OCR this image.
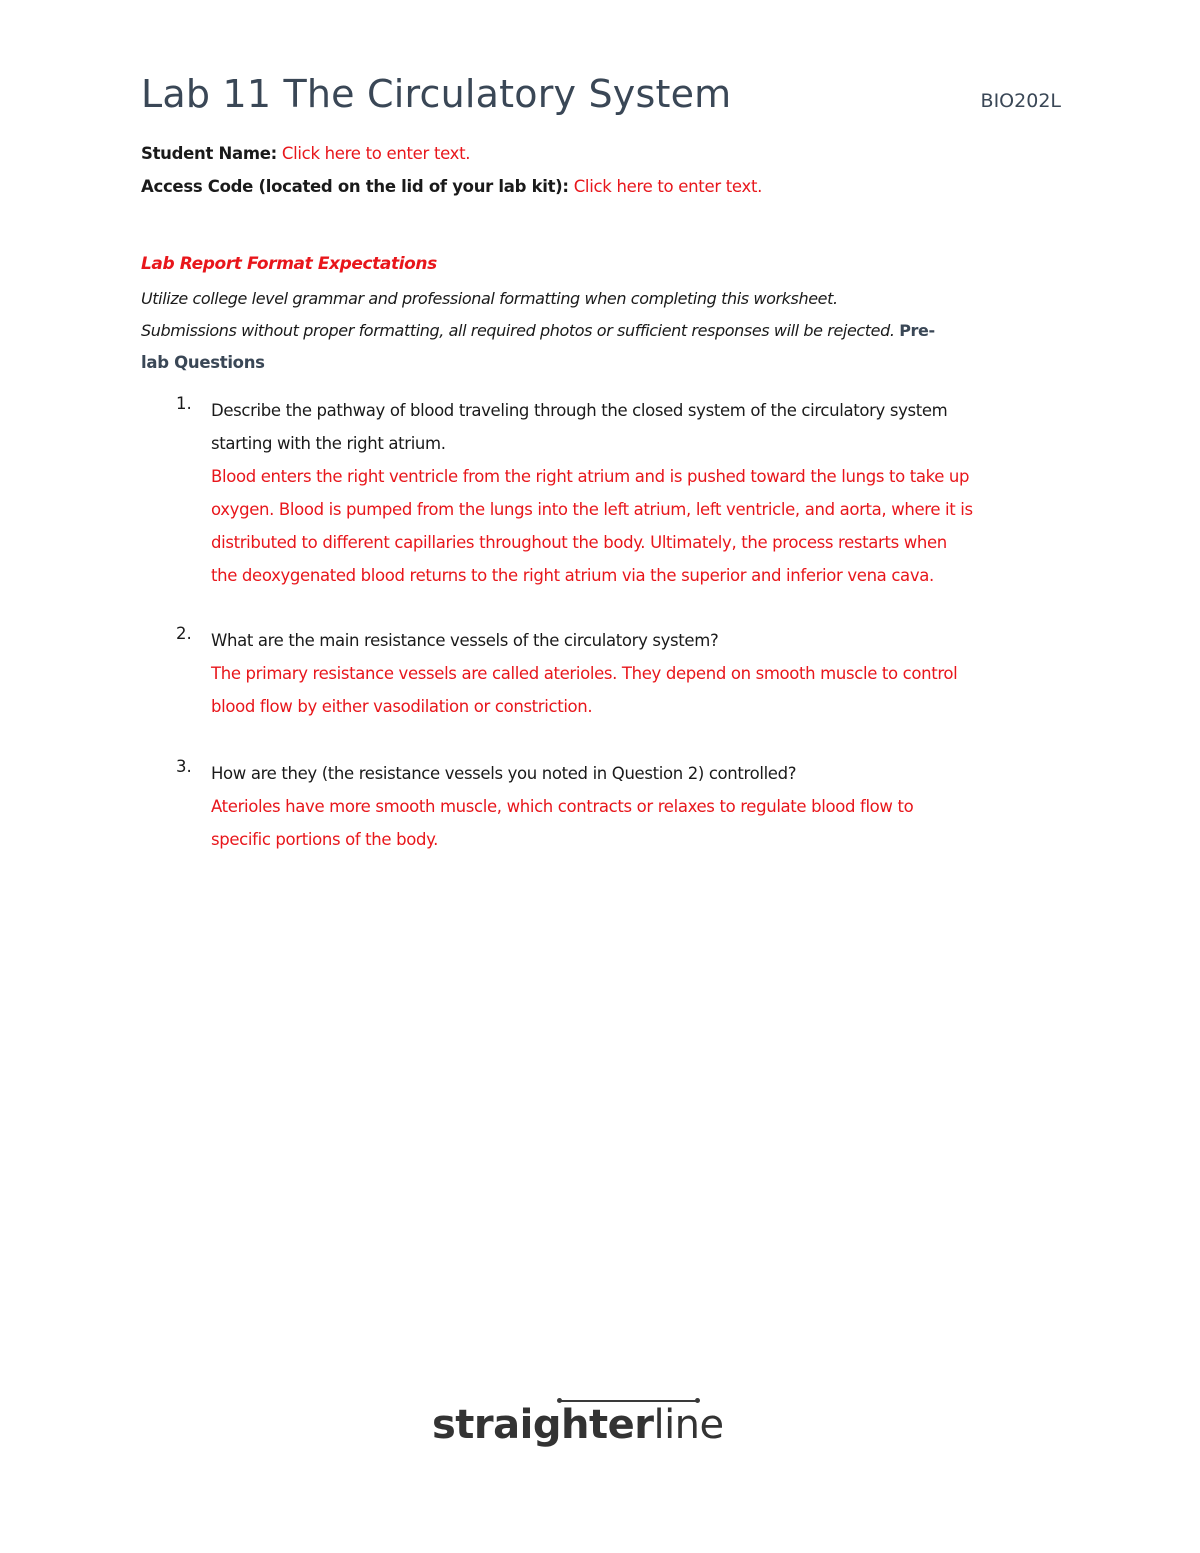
Lab 11 The Circulatory System	BIO202L
Student Name: Click here to enter text.
Access Code (located on the lid of your lab kit): Click here to enter text.
Lab Report Format Expectations
Utilize college level grammar and professional formatting when completing this worksheet.
Submissions without proper formatting, all required photos or sufficient responses will be rejected. Pre-
lab Questions
1. Describe the pathway of blood traveling through the closed system of the circulatory system
starting with the right atrium.
Blood enters the right ventricle from the right atrium and is pushed toward the lungs to take up
oxygen. Blood is pumped from the lungs into the left atrium, left ventricle, and aorta, where it is
distributed to different capillaries throughout the body. Ultimately, the process restarts when
the deoxygenated blood returns to the right atrium via the superior and inferior vena cava.
2. What are the main resistance vessels of the circulatory system?
The primary resistance vessels are called aterioles. They depend on smooth muscle to control
blood flow by either vasodilation or constriction.
3. How are they (the resistance vessels you noted in Question 2) controlled?
Aterioles have more smooth muscle, which contracts or relaxes to regulate blood flow to
specific portions of the body.
straighterline
